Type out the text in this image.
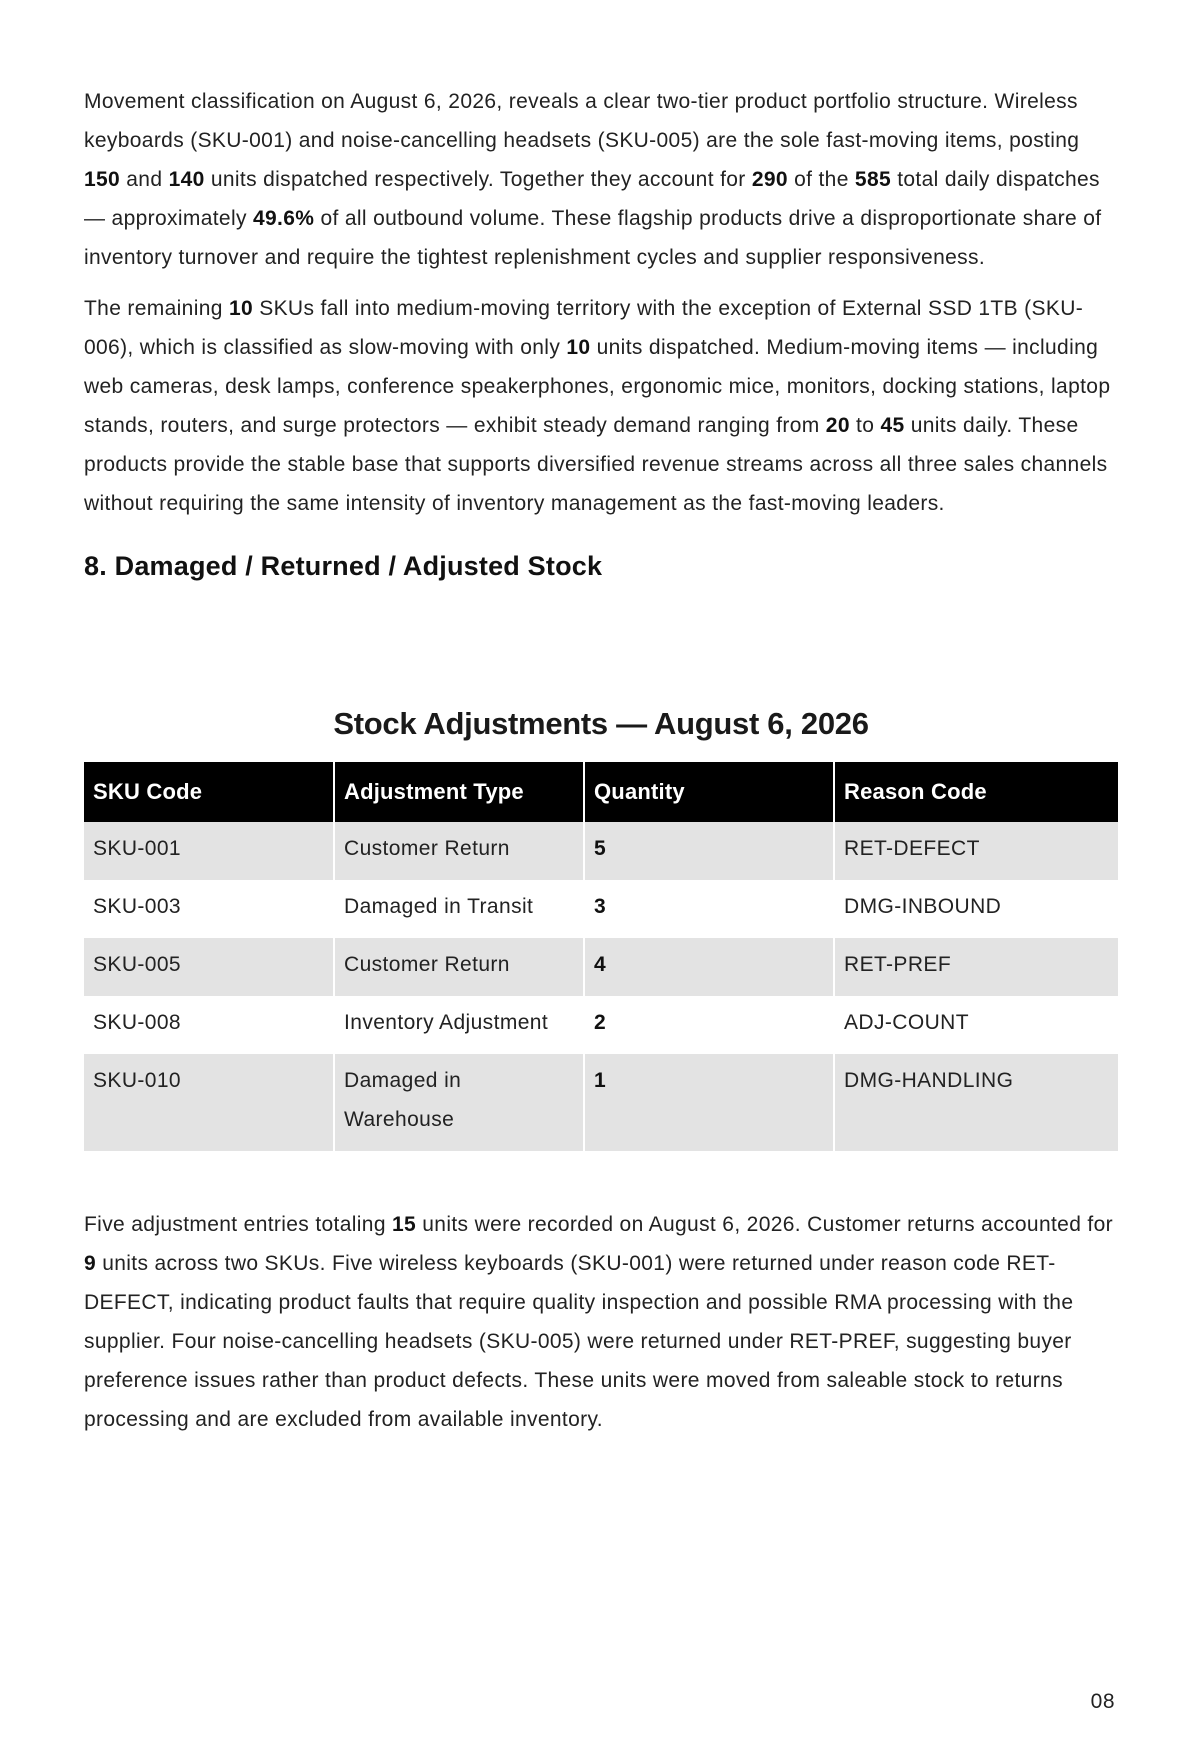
Movement classification on August 6, 2026, reveals a clear two-tier product portfolio structure. Wireless keyboards (SKU-001) and noise-cancelling headsets (SKU-005) are the sole fast-moving items, posting 150 and 140 units dispatched respectively. Together they account for 290 of the 585 total daily dispatches — approximately 49.6% of all outbound volume. These flagship products drive a disproportionate share of inventory turnover and require the tightest replenishment cycles and supplier responsiveness.

The remaining 10 SKUs fall into medium-moving territory with the exception of External SSD 1TB (SKU-006), which is classified as slow-moving with only 10 units dispatched. Medium-moving items — including web cameras, desk lamps, conference speakerphones, ergonomic mice, monitors, docking stations, laptop stands, routers, and surge protectors — exhibit steady demand ranging from 20 to 45 units daily. These products provide the stable base that supports diversified revenue streams across all three sales channels without requiring the same intensity of inventory management as the fast-moving leaders.

8. Damaged / Returned / Adjusted Stock
Stock Adjustments — August 6, 2026
SKU Code	Adjustment Type	Quantity	Reason Code
SKU-001	Customer Return	5	RET-DEFECT
SKU-003	Damaged in Transit	3	DMG-INBOUND
SKU-005	Customer Return	4	RET-PREF
SKU-008	Inventory Adjustment	2	ADJ-COUNT
SKU-010	Damaged in Warehouse	1	DMG-HANDLING

Five adjustment entries totaling 15 units were recorded on August 6, 2026. Customer returns accounted for 9 units across two SKUs. Five wireless keyboards (SKU-001) were returned under reason code RET-DEFECT, indicating product faults that require quality inspection and possible RMA processing with the supplier. Four noise-cancelling headsets (SKU-005) were returned under RET-PREF, suggesting buyer preference issues rather than product defects. These units were moved from saleable stock to returns processing and are excluded from available inventory.

08
